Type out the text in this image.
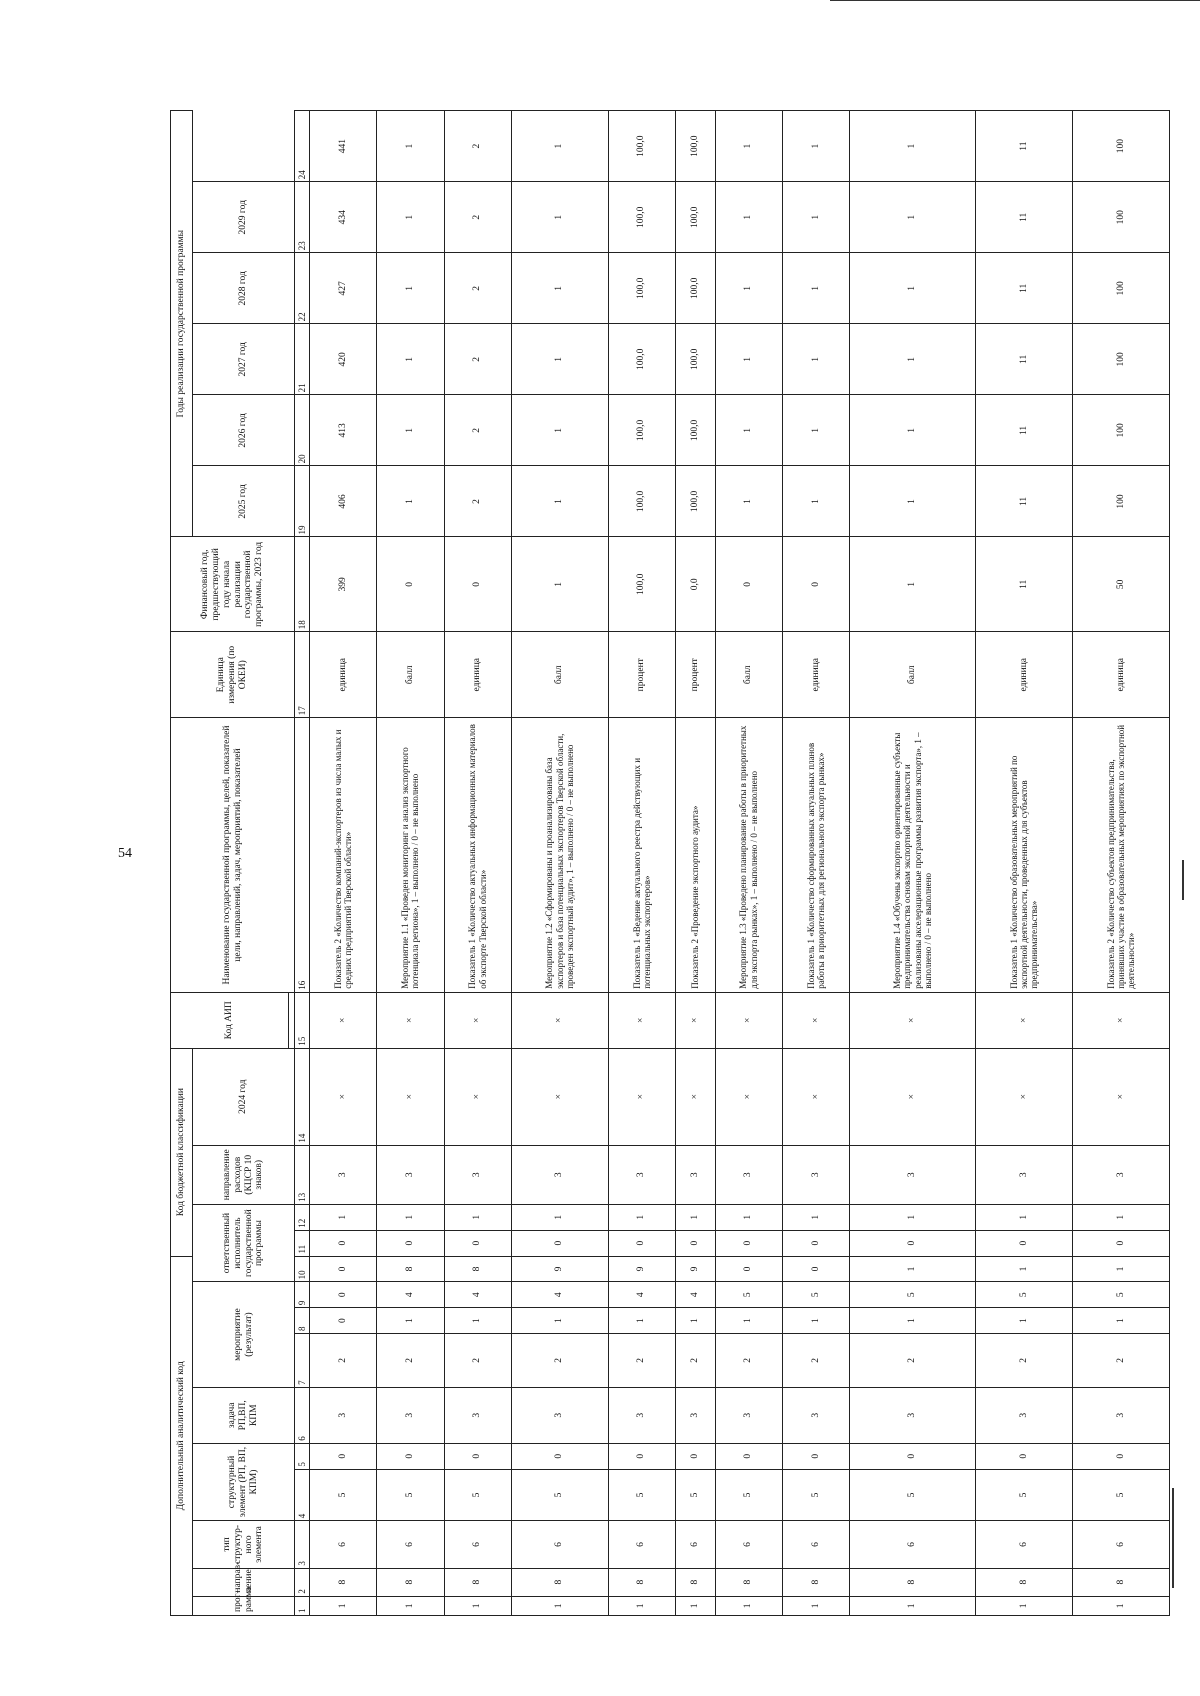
54
Дополнительный аналитический код										Код бюджетной классификации				Код АИП	Наименование государственной программы, целей, показателей цели, направлений, задач, мероприятий, показателей	Единица измерения (по ОКЕИ)	Финансовый год, предшествующий году начала реализации государственной программы, 2023 год	Годы реализации государственной программы					
прог-рамма	направ-ление	тип структур-ного элемента	структурный элемент (РП, ВП, КПМ)		задача РП,ВП, КПМ	мероприятие (результат)			ответственный исполнитель государственной программы			направление расходов (КЦСР 10 знаков)	2024 год					2025 год	2026 год	2027 год	2028 год	2029 год	

1	2	3	4	5	6	7	8	9	10	11	12	13	14	15	16	17	18	19	20	21	22	23	24
1	8	6	5	0	3	2	0	0	0	0	1	3	×	×	Показатель 2 «Количество компаний-экспортеров из числа малых и средних предприятий Тверской области»	единица	399	406	413	420	427	434	441
1	8	6	5	0	3	2	1	4	8	0	1	3	×	×	Мероприятие 1.1 «Проведен мониторинг и анализ экспортного потенциала региона», 1 – выполнено / 0 – не выполнено	балл	0	1	1	1	1	1	1
1	8	6	5	0	3	2	1	4	8	0	1	3	×	×	Показатель 1 «Количество актуальных информационных материалов об экспорте Тверской области»	единица	0	2	2	2	2	2	2
1	8	6	5	0	3	2	1	4	9	0	1	3	×	×	Мероприятие 1.2 «Сформированы и проанализированы база экспортеров и база потенциальных экспортеров Тверской области, проведен экспортный аудит», 1 – выполнено / 0 – не выполнено	балл	1	1	1	1	1	1	1
1	8	6	5	0	3	2	1	4	9	0	1	3	×	×	Показатель 1 «Ведение актуального реестра действующих и потенциальных экспортеров»	процент	100,0	100,0	100,0	100,0	100,0	100,0	100,0
1	8	6	5	0	3	2	1	4	9	0	1	3	×	×	Показатель 2 «Проведение экспортного аудита»	процент	0,0	100,0	100,0	100,0	100,0	100,0	100,0
1	8	6	5	0	3	2	1	5	0	0	1	3	×	×	Мероприятие 1.3 «Проведено планирование работы в приоритетных для экспорта рынках», 1 – выполнено / 0 – не выполнено	балл	0	1	1	1	1	1	1
1	8	6	5	0	3	2	1	5	0	0	1	3	×	×	Показатель 1 «Количество сформированных актуальных планов работы в приоритетных для регионального экспорта рынках»	единица	0	1	1	1	1	1	1
1	8	6	5	0	3	2	1	5	1	0	1	3	×	×	Мероприятие 1.4 «Обучены экспортно ориентированные субъекты предпринимательства основам экспортной деятельности и реализованы акселерационные программы развития экспорта», 1 – выполнено / 0 – не выполнено	балл	1	1	1	1	1	1	1
1	8	6	5	0	3	2	1	5	1	0	1	3	×	×	Показатель 1 «Количество образовательных мероприятий по экспортной деятельности, проведенных для субъектов предпринимательства»	единица	11	11	11	11	11	11	11
1	8	6	5	0	3	2	1	5	1	0	1	3	×	×	Показатель 2 «Количество субъектов предпринимательства, принявших участие в образовательных мероприятиях по экспортной деятельности»	единица	50	100	100	100	100	100	100
